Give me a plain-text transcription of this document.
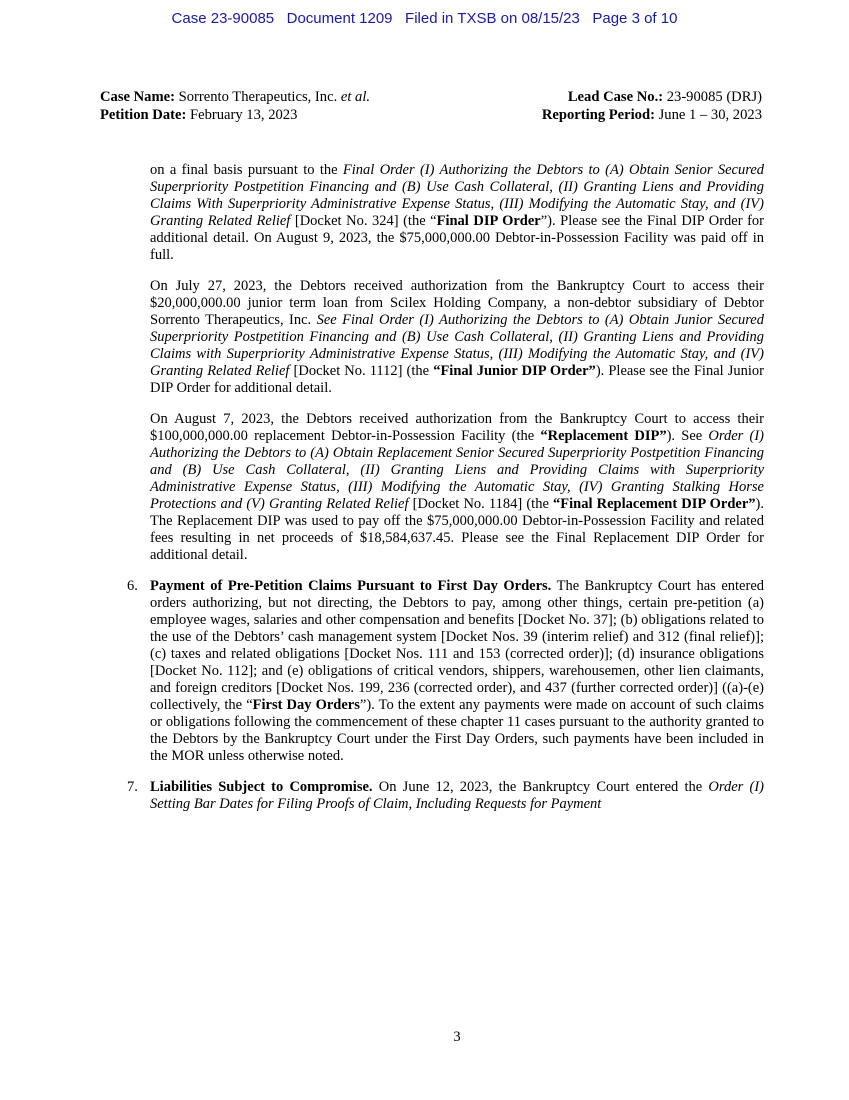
Case 23-90085   Document 1209   Filed in TXSB on 08/15/23   Page 3 of 10
Case Name: Sorrento Therapeutics, Inc. et al.
Petition Date: February 13, 2023
Lead Case No.: 23-90085 (DRJ)
Reporting Period: June 1 – 30, 2023

on a final basis pursuant to the Final Order (I) Authorizing the Debtors to (A) Obtain Senior Secured Superpriority Postpetition Financing and (B) Use Cash Collateral, (II) Granting Liens and Providing Claims With Superpriority Administrative Expense Status, (III) Modifying the Automatic Stay, and (IV) Granting Related Relief [Docket No. 324] (the “Final DIP Order”). Please see the Final DIP Order for additional detail. On August 9, 2023, the $75,000,000.00 Debtor-in-Possession Facility was paid off in full.

On July 27, 2023, the Debtors received authorization from the Bankruptcy Court to access their $20,000,000.00 junior term loan from Scilex Holding Company, a non-debtor subsidiary of Debtor Sorrento Therapeutics, Inc. See Final Order (I) Authorizing the Debtors to (A) Obtain Junior Secured Superpriority Postpetition Financing and (B) Use Cash Collateral, (II) Granting Liens and Providing Claims with Superpriority Administrative Expense Status, (III) Modifying the Automatic Stay, and (IV) Granting Related Relief [Docket No. 1112] (the “Final Junior DIP Order”). Please see the Final Junior DIP Order for additional detail.

On August 7, 2023, the Debtors received authorization from the Bankruptcy Court to access their $100,000,000.00 replacement Debtor-in-Possession Facility (the “Replacement DIP”). See Order (I) Authorizing the Debtors to (A) Obtain Replacement Senior Secured Superpriority Postpetition Financing and (B) Use Cash Collateral, (II) Granting Liens and Providing Claims with Superpriority Administrative Expense Status, (III) Modifying the Automatic Stay, (IV) Granting Stalking Horse Protections and (V) Granting Related Relief [Docket No. 1184] (the “Final Replacement DIP Order”). The Replacement DIP was used to pay off the $75,000,000.00 Debtor-in-Possession Facility and related fees resulting in net proceeds of $18,584,637.45. Please see the Final Replacement DIP Order for additional detail.

6. Payment of Pre-Petition Claims Pursuant to First Day Orders. The Bankruptcy Court has entered orders authorizing, but not directing, the Debtors to pay, among other things, certain pre-petition (a) employee wages, salaries and other compensation and benefits [Docket No. 37]; (b) obligations related to the use of the Debtors’ cash management system [Docket Nos. 39 (interim relief) and 312 (final relief)]; (c) taxes and related obligations [Docket Nos. 111 and 153 (corrected order)]; (d) insurance obligations [Docket No. 112]; and (e) obligations of critical vendors, shippers, warehousemen, other lien claimants, and foreign creditors [Docket Nos. 199, 236 (corrected order), and 437 (further corrected order)] ((a)-(e) collectively, the “First Day Orders”). To the extent any payments were made on account of such claims or obligations following the commencement of these chapter 11 cases pursuant to the authority granted to the Debtors by the Bankruptcy Court under the First Day Orders, such payments have been included in the MOR unless otherwise noted.

7. Liabilities Subject to Compromise. On June 12, 2023, the Bankruptcy Court entered the Order (I) Setting Bar Dates for Filing Proofs of Claim, Including Requests for Payment

3
